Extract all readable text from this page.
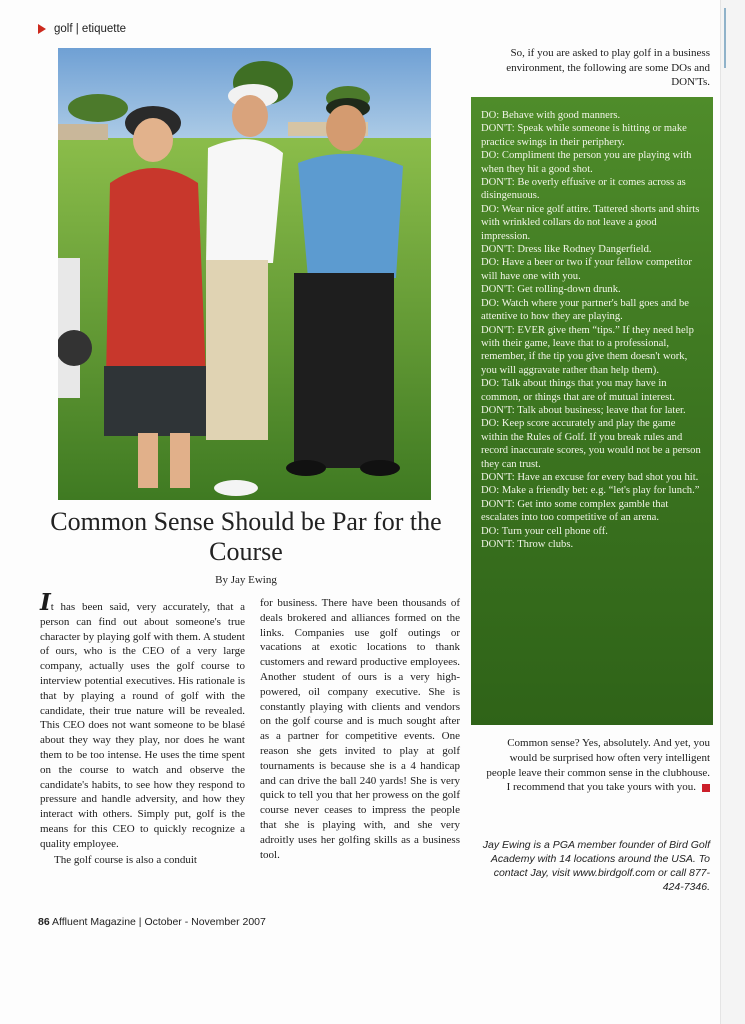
golf | etiquette
Common Sense Should be Par for the Course
By Jay Ewing

It has been said, very accurately, that a person can find out about someone's true character by playing golf with them. A student of ours, who is the CEO of a very large company, actually uses the golf course to interview potential executives. His rationale is that by playing a round of golf with the candidate, their true nature will be revealed. This CEO does not want someone to be blasé about they way they play, nor does he want them to be too intense. He uses the time spent on the course to watch and observe the candidate's habits, to see how they respond to pressure and handle adversity, and how they interact with others. Simply put, golf is the means for this CEO to quickly recognize a quality employee.

The golf course is also a conduit

for business. There have been thousands of deals brokered and alliances formed on the links. Companies use golf outings or vacations at exotic locations to thank customers and reward productive employees. Another student of ours is a very high-powered, oil company executive. She is constantly playing with clients and vendors on the golf course and is much sought after as a partner for competitive events. One reason she gets invited to play at golf tournaments is because she is a 4 handicap and can drive the ball 240 yards! She is very quick to tell you that her prowess on the golf course never ceases to impress the people that she is playing with, and she very adroitly uses her golfing skills as a business tool.

So, if you are asked to play golf in a business environment, the following are some DOs and DON'Ts.

DO: Behave with good manners.
DON'T: Speak while someone is hitting or make practice swings in their periphery.
DO: Compliment the person you are playing with when they hit a good shot.
DON'T: Be overly effusive or it comes across as disingenuous.
DO: Wear nice golf attire. Tattered shorts and shirts with wrinkled collars do not leave a good impression.
DON'T: Dress like Rodney Dangerfield.
DO: Have a beer or two if your fellow competitor will have one with you.
DON'T: Get rolling-down drunk.
DO: Watch where your partner's ball goes and be attentive to how they are playing.
DON'T: EVER give them “tips.” If they need help with their game, leave that to a professional, remember, if the tip you give them doesn't work, you will aggravate rather than help them).
DO: Talk about things that you may have in common, or things that are of mutual interest.
DON'T: Talk about business; leave that for later.
DO: Keep score accurately and play the game within the Rules of Golf. If you break rules and record inaccurate scores, you would not be a person they can trust.
DON'T: Have an excuse for every bad shot you hit.
DO: Make a friendly bet: e.g. “let's play for lunch.”
DON'T: Get into some complex gamble that escalates into too competitive of an arena.
DO: Turn your cell phone off.
DON'T: Throw clubs.

Common sense? Yes, absolutely. And yet, you would be surprised how often very intelligent people leave their common sense in the clubhouse. I recommend that you take yours with you.

Jay Ewing is a PGA member founder of Bird Golf Academy with 14 locations around the USA. To contact Jay, visit www.birdgolf.com or call 877-424-7346.

86 Affluent Magazine | October - November 2007
